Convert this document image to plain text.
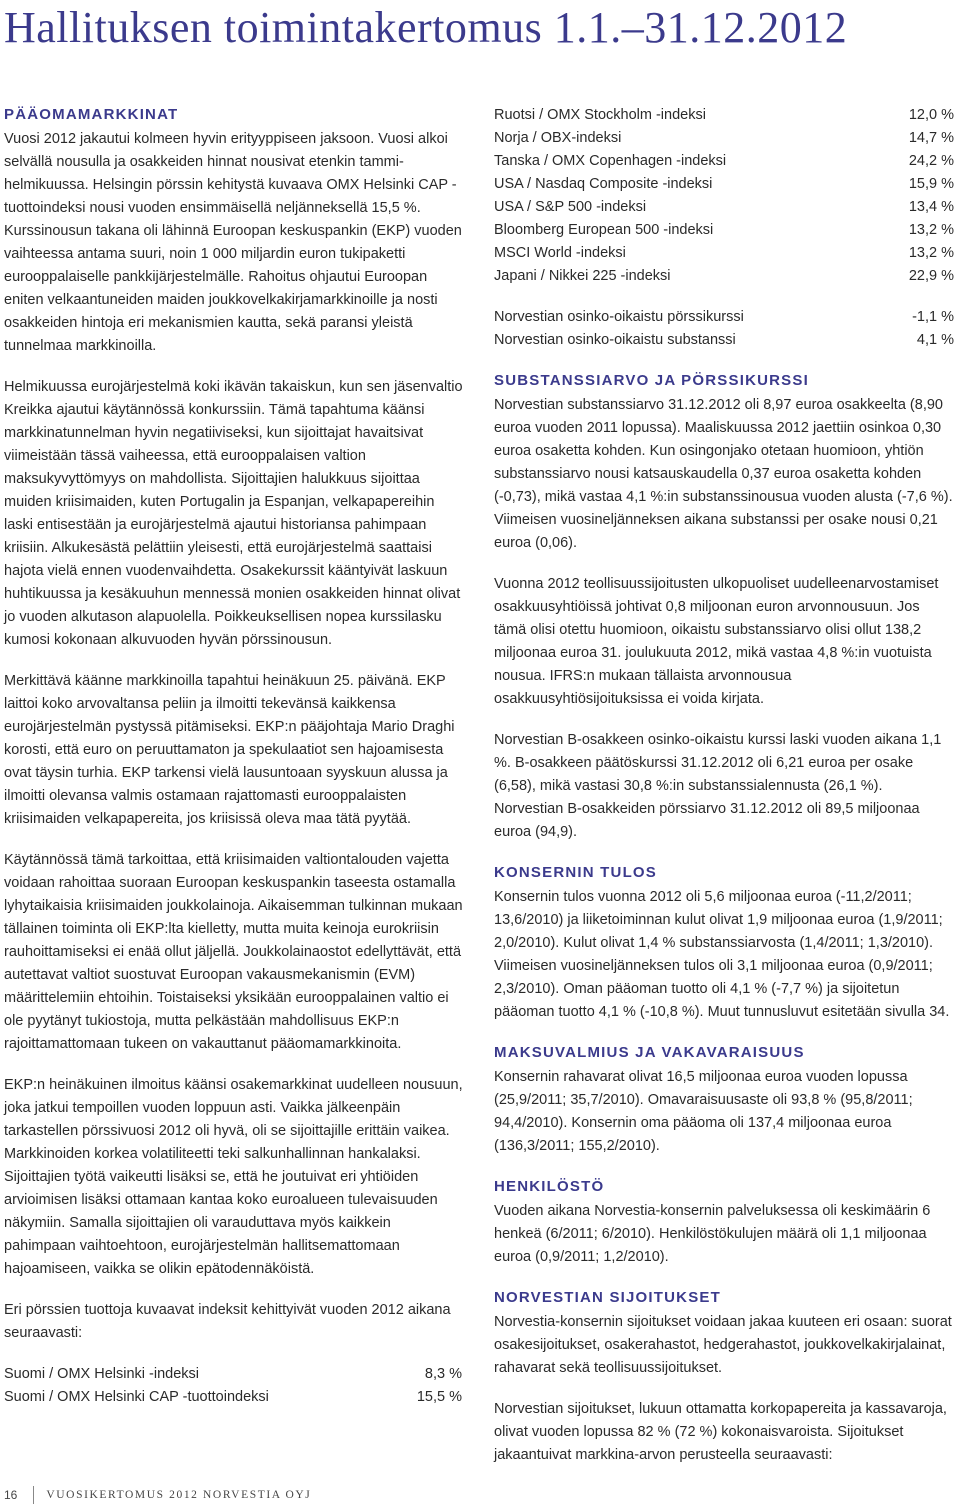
Hallituksen toimintakertomus 1.1.–31.12.2012
PÄÄOMAMARKKINAT

Vuosi 2012 jakautui kolmeen hyvin erityyppiseen jaksoon. Vuosi alkoi selvällä nousulla ja osakkeiden hinnat nousivat etenkin tammi-helmikuussa. Helsingin pörssin kehitystä kuvaava OMX Helsinki CAP -tuottoindeksi nousi vuoden ensimmäisellä neljänneksellä 15,5 %. Kurssinousun takana oli lähinnä Euroopan keskuspankin (EKP) vuoden vaihteessa antama suuri, noin 1 000 miljardin euron tukipaketti eurooppalaiselle pankkijärjestelmälle. Rahoitus ohjautui Euroopan eniten velkaantuneiden maiden joukkovelkakirjamarkkinoille ja nosti osakkeiden hintoja eri mekanismien kautta, sekä paransi yleistä tunnelmaa markkinoilla.

Helmikuussa eurojärjestelmä koki ikävän takaiskun, kun sen jäsenvaltio Kreikka ajautui käytännössä konkurssiin. Tämä tapahtuma käänsi markkinatunnelman hyvin negatiiviseksi, kun sijoittajat havaitsivat viimeistään tässä vaiheessa, että eurooppalaisen valtion maksukyvyttömyys on mahdollista. Sijoittajien halukkuus sijoittaa muiden kriisimaiden, kuten Portugalin ja Espanjan, velkapapereihin laski entisestään ja eurojärjestelmä ajautui historiansa pahimpaan kriisiin. Alkukesästä pelättiin yleisesti, että eurojärjestelmä saattaisi hajota vielä ennen vuodenvaihdetta. Osakekurssit kääntyivät laskuun huhtikuussa ja kesäkuuhun mennessä monien osakkeiden hinnat olivat jo vuoden alkutason alapuolella. Poikkeuksellisen nopea kurssilasku kumosi kokonaan alkuvuoden hyvän pörssinousun.

Merkittävä käänne markkinoilla tapahtui heinäkuun 25. päivänä. EKP laittoi koko arvovaltansa peliin ja ilmoitti tekevänsä kaikkensa eurojärjestelmän pystyssä pitämiseksi. EKP:n pääjohtaja Mario Draghi korosti, että euro on peruuttamaton ja spekulaatiot sen hajoamisesta ovat täysin turhia. EKP tarkensi vielä lausuntoaan syyskuun alussa ja ilmoitti olevansa valmis ostamaan rajattomasti eurooppalaisten kriisimaiden velkapapereita, jos kriisissä oleva maa tätä pyytää.

Käytännössä tämä tarkoittaa, että kriisimaiden valtiontalouden vajetta voidaan rahoittaa suoraan Euroopan keskuspankin taseesta ostamalla lyhytaikaisia kriisimaiden joukkolainoja. Aikaisemman tulkinnan mukaan tällainen toiminta oli EKP:lta kielletty, mutta muita keinoja eurokriisin rauhoittamiseksi ei enää ollut jäljellä. Joukkolainaostot edellyttävät, että autettavat valtiot suostuvat Euroopan vakausmekanismin (EVM) määrittelemiin ehtoihin. Toistaiseksi yksikään eurooppalainen valtio ei ole pyytänyt tukiostoja, mutta pelkästään mahdollisuus EKP:n rajoittamattomaan tukeen on vakauttanut pääomamarkkinoita.

EKP:n heinäkuinen ilmoitus käänsi osakemarkkinat uudelleen nousuun, joka jatkui tempoillen vuoden loppuun asti. Vaikka jälkeenpäin tarkastellen pörssivuosi 2012 oli hyvä, oli se sijoittajille erittäin vaikea. Markkinoiden korkea volatiliteetti teki salkunhallinnan hankalaksi. Sijoittajien työtä vaikeutti lisäksi se, että he joutuivat eri yhtiöiden arvioimisen lisäksi ottamaan kantaa koko euroalueen tulevaisuuden näkymiin. Samalla sijoittajien oli varauduttava myös kaikkein pahimpaan vaihtoehtoon, eurojärjestelmän hallitsemattomaan hajoamiseen, vaikka se olikin epätodennäköistä.

Eri pörssien tuottoja kuvaavat indeksit kehittyivät vuoden 2012 aikana seuraavasti:

Suomi / OMX Helsinki -indeksi	8,3 %
Suomi / OMX Helsinki CAP -tuottoindeksi	15,5 %
Ruotsi / OMX Stockholm -indeksi	12,0 %
Norja / OBX-indeksi	14,7 %
Tanska / OMX Copenhagen -indeksi	24,2 %
USA / Nasdaq Composite -indeksi	15,9 %
USA / S&P 500 -indeksi	13,4 %
Bloomberg European 500 -indeksi	13,2 %
MSCI World -indeksi	13,2 %
Japani / Nikkei 225 -indeksi	22,9 %
Norvestian osinko-oikaistu pörssikurssi	-1,1 %
Norvestian osinko-oikaistu substanssi	4,1 %
SUBSTANSSIARVO JA PÖRSSIKURSSI

Norvestian substanssiarvo 31.12.2012 oli 8,97 euroa osakkeelta (8,90 euroa vuoden 2011 lopussa). Maaliskuussa 2012 jaettiin osinkoa 0,30 euroa osaketta kohden. Kun osingonjako otetaan huomioon, yhtiön substanssiarvo nousi katsauskaudella 0,37 euroa osaketta kohden (-0,73), mikä vastaa 4,1 %:in substanssinousua vuoden alusta (-7,6 %). Viimeisen vuosineljänneksen aikana substanssi per osake nousi 0,21 euroa (0,06).

Vuonna 2012 teollisuussijoitusten ulkopuoliset uudelleenarvostamiset osakkuusyhtiöissä johtivat 0,8 miljoonan euron arvonnousuun. Jos tämä olisi otettu huomioon, oikaistu substanssiarvo olisi ollut 138,2 miljoonaa euroa 31. joulukuuta 2012, mikä vastaa 4,8 %:in vuotuista nousua. IFRS:n mukaan tällaista arvonnousua osakkuusyhtiösijoituksissa ei voida kirjata.

Norvestian B-osakkeen osinko-oikaistu kurssi laski vuoden aikana 1,1 %. B-osakkeen päätöskurssi 31.12.2012 oli 6,21 euroa per osake (6,58), mikä vastasi 30,8 %:in substanssialennusta (26,1 %). Norvestian B-osakkeiden pörssiarvo 31.12.2012 oli 89,5 miljoonaa euroa (94,9).

KONSERNIN TULOS

Konsernin tulos vuonna 2012 oli 5,6 miljoonaa euroa (-11,2/2011; 13,6/2010) ja liiketoiminnan kulut olivat 1,9 miljoonaa euroa (1,9/2011; 2,0/2010). Kulut olivat 1,4 % substanssiarvosta (1,4/2011; 1,3/2010). Viimeisen vuosineljänneksen tulos oli 3,1 miljoonaa euroa (0,9/2011; 2,3/2010). Oman pääoman tuotto oli 4,1 % (-7,7 %) ja sijoitetun pääoman tuotto 4,1 % (-10,8 %). Muut tunnusluvut esitetään sivulla 34.

MAKSUVALMIUS JA VAKAVARAISUUS

Konsernin rahavarat olivat 16,5 miljoonaa euroa vuoden lopussa (25,9/2011; 35,7/2010). Omavaraisuusaste oli 93,8 % (95,8/2011; 94,4/2010). Konsernin oma pääoma oli 137,4 miljoonaa euroa (136,3/2011; 155,2/2010).

HENKILÖSTÖ

Vuoden aikana Norvestia-konsernin palveluksessa oli keskimäärin 6 henkeä (6/2011; 6/2010). Henkilöstökulujen määrä oli 1,1 miljoonaa euroa (0,9/2011; 1,2/2010).

NORVESTIAN SIJOITUKSET

Norvestia-konsernin sijoitukset voidaan jakaa kuuteen eri osaan: suorat osakesijoitukset, osakerahastot, hedgerahastot, joukkovelkakirjalainat, rahavarat sekä teollisuussijoitukset.

Norvestian sijoitukset, lukuun ottamatta korkopapereita ja kassavaroja, olivat vuoden lopussa 82 % (72 %) kokonaisvaroista. Sijoitukset jakaantuivat markkina-arvon perusteella seuraavasti:

16	VUOSIKERTOMUS 2012 NORVESTIA OYJ
